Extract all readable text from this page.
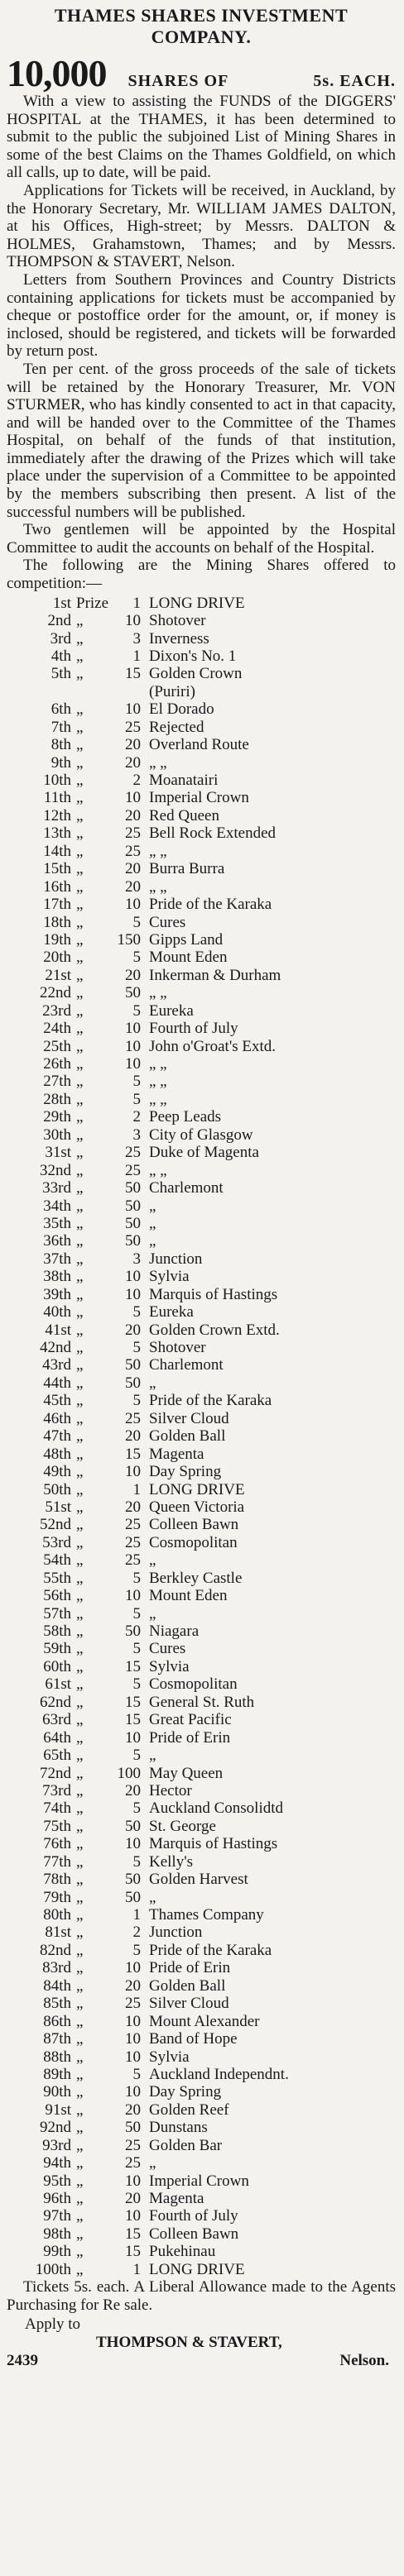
THAMES SHARES INVESTMENT
COMPANY.
10,000 SHARES OF	5s. EACH.

With a view to assisting the FUNDS of the DIGGERS' HOSPITAL at the THAMES, it has been determined to submit to the public the subjoined List of Mining Shares in some of the best Claims on the Thames Goldfield, on which all calls, up to date, will be paid.

Applications for Tickets will be received, in Auckland, by the Honorary Secretary, Mr. WILLIAM JAMES DALTON, at his Offices, High-street; by Messrs. DALTON & HOLMES, Grahamstown, Thames; and by Messrs. THOMPSON & STAVERT, Nelson.

Letters from Southern Provinces and Country Districts containing applications for tickets must be accompanied by cheque or postoffice order for the amount, or, if money is inclosed, should be registered, and tickets will be forwarded by return post.

Ten per cent. of the gross proceeds of the sale of tickets will be retained by the Honorary Treasurer, Mr. VON STURMER, who has kindly consented to act in that capacity, and will be handed over to the Committee of the Thames Hospital, on behalf of the funds of that institution, immediately after the drawing of the Prizes which will take place under the supervision of a Committee to be appointed by the members subscribing then present. A list of the successful numbers will be published.

Two gentlemen will be appointed by the Hospital Committee to audit the accounts on behalf of the Hospital.

The following are the Mining Shares offered to competition:—

1st Prize	1 LONG DRIVE
2nd „	10 Shotover
3rd „	3 Inverness
4th „	1 Dixon's No. 1
5th „	15 Golden Crown
(Puriri)
6th „	10 El Dorado
7th „	25 Rejected
8th „	20 Overland Route
9th „	20 „ „
10th „	2 Moanatairi
11th „	10 Imperial Crown
12th „	20 Red Queen
13th „	25 Bell Rock Extended
14th „	25 „ „
15th „	20 Burra Burra
16th „	20 „ „
17th „	10 Pride of the Karaka
18th „	5 Cures
19th „	150 Gipps Land
20th „	5 Mount Eden
21st „	20 Inkerman & Durham
22nd „	50 „ „
23rd „	5 Eureka
24th „	10 Fourth of July
25th „	10 John o'Groat's Extd.
26th „	10 „ „
27th „	5 „ „
28th „	5 „ „
29th „	2 Peep Leads
30th „	3 City of Glasgow
31st „	25 Duke of Magenta
32nd „	25 „ „
33rd „	50 Charlemont
34th „	50 „
35th „	50 „
36th „	50 „
37th „	3 Junction
38th „	10 Sylvia
39th „	10 Marquis of Hastings
40th „	5 Eureka
41st „	20 Golden Crown Extd.
42nd „	5 Shotover
43rd „	50 Charlemont
44th „	50 „
45th „	5 Pride of the Karaka
46th „	25 Silver Cloud
47th „	20 Golden Ball
48th „	15 Magenta
49th „	10 Day Spring
50th „	1 LONG DRIVE
51st „	20 Queen Victoria
52nd „	25 Colleen Bawn
53rd „	25 Cosmopolitan
54th „	25 „
55th „	5 Berkley Castle
56th „	10 Mount Eden
57th „	5 „
58th „	50 Niagara
59th „	5 Cures
60th „	15 Sylvia
61st „	5 Cosmopolitan
62nd „	15 General St. Ruth
63rd „	15 Great Pacific
64th „	10 Pride of Erin
65th „	5 „
72nd „	100 May Queen
73rd „	20 Hector
74th „	5 Auckland Consolidtd
75th „	50 St. George
76th „	10 Marquis of Hastings
77th „	5 Kelly's
78th „	50 Golden Harvest
79th „	50 „
80th „	1 Thames Company
81st „	2 Junction
82nd „	5 Pride of the Karaka
83rd „	10 Pride of Erin
84th „	20 Golden Ball
85th „	25 Silver Cloud
86th „	10 Mount Alexander
87th „	10 Band of Hope
88th „	10 Sylvia
89th „	5 Auckland Independnt.
90th „	10 Day Spring
91st „	20 Golden Reef
92nd „	50 Dunstans
93rd „	25 Golden Bar
94th „	25 „
95th „	10 Imperial Crown
96th „	20 Magenta
97th „	10 Fourth of July
98th „	15 Colleen Bawn
99th „	15 Pukehinau
100th „	1 LONG DRIVE

Tickets 5s. each. A Liberal Allowance made to the Agents Purchasing for Re sale.

Apply to
THOMPSON & STAVERT,
2439	Nelson.
